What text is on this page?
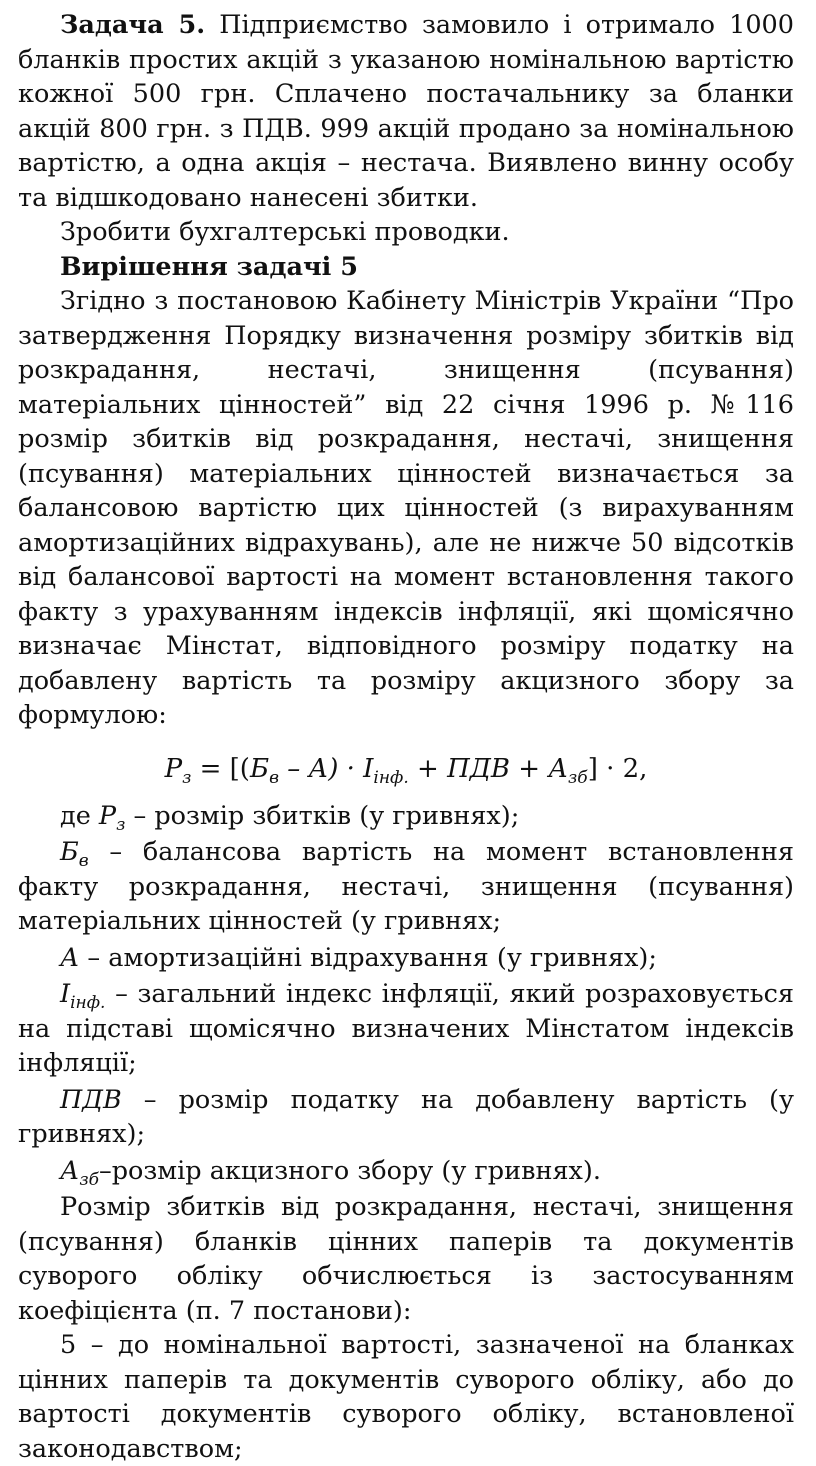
Задача 5. Підприємство замовило і отримало 1000 бланків простих акцій з указаною номінальною вартістю кожної 500 грн. Сплачено постачальнику за бланки акцій 800 грн. з ПДВ. 999 акцій продано за номінальною вартістю, а одна акція – нестача. Виявлено винну особу та відшкодовано нанесені збитки.

Зробити бухгалтерські проводки.

Вирішення задачі 5

Згідно з постановою Кабінету Міністрів України “Про затвердження Порядку визначення розміру збитків від розкрадання, нестачі, знищення (псування) матеріальних цінностей” від 22 січня 1996 р. №116 розмір збитків від розкрадання, нестачі, знищення (псування) матеріальних цінностей визначається за балансовою вартістю цих цінностей (з вирахуванням амортизаційних відрахувань), але не нижче 50 відсотків від балансової вартості на момент встановлення такого факту з урахуванням індексів інфляції, які щомісячно визначає Мінстат, відповідного розміру податку на добавлену вартість та розміру акцизного збору за формулою:

$Р_з = [(Б_в - А) \cdot І_{інф.}$ + ПДВ + $А_{зб}] \cdot 2$,

де $Р_з$ – розмір збитків (у гривнях);

$Б_в$ – балансова вартість на момент встановлення факту розкрадання, нестачі, знищення (псування) матеріальних цінностей (у гривнях;

А – амортизаційні відрахування (у гривнях);

$І_{інф.}$ – загальний індекс інфляції, який розраховується на підставі щомісячно визначених Мінстатом індексів інфляції;

ПДВ – розмір податку на добавлену вартість (у гривнях);

$А_{зб}$–розмір акцизного збору (у гривнях).

Розмір збитків від розкрадання, нестачі, знищення (псування) бланків цінних паперів та документів суворого обліку обчислюється із застосуванням коефіцієнта (п. 7 постанови):

5 – до номінальної вартості, зазначеної на бланках цінних паперів та документів суворого обліку, або до вартості документів суворого обліку, встановленої законодавством;
